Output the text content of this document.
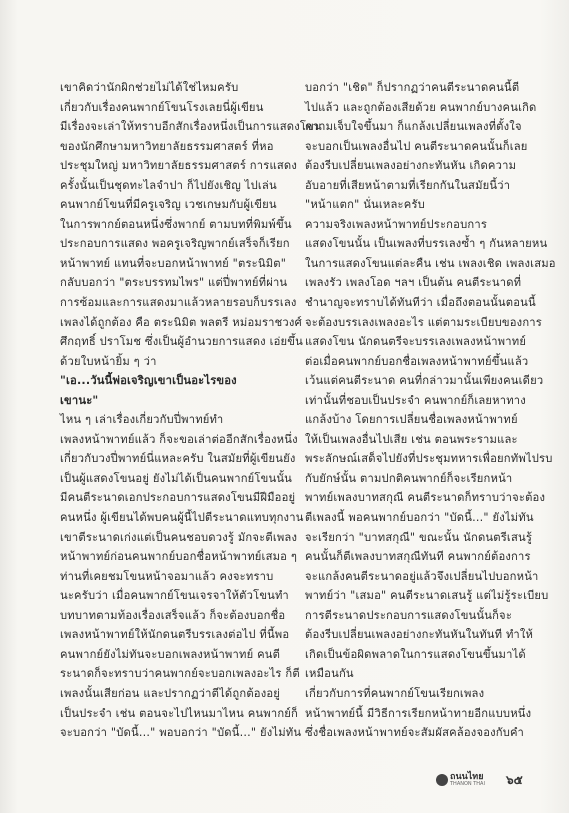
เขาคิดว่านักผิกช่วยไม่ได้ใช่ไหมครับ
เกี่ยวกับเรื่องคนพากย์โขนโรงเลยนี่ผู้เขียน
มีเรื่องจะเล่าให้ทราบอีกสักเรื่องหนึ่งเป็นการแสดงโขน
ของนักศึกษามหาวิทยาลัยธรรมศาสตร์ ที่หอ
ประชุมใหญ่ มหาวิทยาลัยธรรมศาสตร์ การแสดง
ครั้งนั้นเป็นชุดทะไลจำปา ก็ไปยังเชิญ ไปเล่น
คนพากย์โขนที่มีครูเจริญ เวชเกษมกับผู้เขียน
ในการพากย์ตอนหนึ่งซึ่งพากย์ ตามบทที่พิมพ์ขึ้น
ประกอบการแสดง พอครูเจริญพากย์เสร็จก็เรียก
หน้าพาทย์ แทนที่จะบอกหน้าพาทย์ "ตระนิมิต"
กลับบอกว่า "ตระบรรทมไพร" แต่ปี่พาทย์ที่ผ่าน
การซ้อมและการแสดงมาแล้วหลายรอบก็บรรเลง
เพลงได้ถูกต้อง คือ ตระนิมิต พลตรี หม่อมราชวงศ์
ศึกฤทธิ์ ปราโมช ซึ่งเป็นผู้อำนวยการแสดง เอ่ยขึ้น
ด้วยใบหน้ายิ้ม ๆ ว่า
"เอ...วันนี้พ่อเจริญเขาเป็นอะไรของ
เขานะ"
ไหน ๆ เล่าเรื่องเกี่ยวกับปี่พาทย์ทำ
เพลงหน้าพาทย์แล้ว ก็จะขอเล่าต่ออีกสักเรื่องหนึ่ง
เกี่ยวกับวงปี่พาทย์นี่แหละครับ ในสมัยที่ผู้เขียนยัง
เป็นผู้แสดงโขนอยู่ ยังไม่ได้เป็นคนพากย์โขนนั้น
มีคนตีระนาดเอกประกอบการแสดงโขนมีฝีมืออยู่
คนหนึ่ง ผู้เขียนได้พบคนผู้นี้ไปตีระนาดแทบทุกงาน
เขาตีระนาดเก่งแต่เป็นคนชอบดวงรู้ มักจะตีเพลง
หน้าพาทย์ก่อนคนพากย์บอกชื่อหน้าพาทย์เสมอ ๆ
ท่านที่เคยชมโขนหน้าจอมาแล้ว คงจะทราบ
นะครับว่า เมื่อคนพากย์โขนเจรจาให้ตัวโขนทำ
บทบาทตามท้องเรื่องเสร็จแล้ว ก็จะต้องบอกชื่อ
เพลงหน้าพาทย์ให้นักดนตรีบรรเลงต่อไป ที่นี้พอ
คนพากย์ยังไม่ทันจะบอกเพลงหน้าพาทย์ คนตี
ระนาดก็จะทราบว่าคนพากย์จะบอกเพลงอะไร ก็ตี
เพลงนั้นเสียก่อน และปรากฏว่าตีได้ถูกต้องอยู่
เป็นประจำ เช่น ตอนจะไปไหนมาไหน คนพากย์ก็
จะบอกว่า "บัดนี้..." พอบอกว่า "บัดนี้..." ยังไม่ทัน
บอกว่า "เชิด" ก็ปรากฏว่าคนตีระนาดคนนี้ตี
ไปแล้ว และถูกต้องเสียด้วย คนพากย์บางคนเกิด
ความเจ็บใจขึ้นมา ก็แกล้งเปลี่ยนเพลงที่ตั้งใจ
จะบอกเป็นเพลงอื่นไป คนตีระนาดคนนั้นก็เลย
ต้องรีบเปลี่ยนเพลงอย่างกะทันหัน เกิดความ
อับอายที่เสียหน้าตามที่เรียกกันในสมัยนี้ว่า
"หน้าแตก" นั่นเหละครับ
ความจริงเพลงหน้าพาทย์ประกอบการ
แสดงโขนนั้น เป็นเพลงที่บรรเลงซ้ำ ๆ กันหลายหน
ในการแสดงโขนแต่ละคืน เช่น เพลงเชิด เพลงเสมอ
เพลงรัว เพลงโอด ฯลฯ เป็นต้น คนตีระนาดที่
ชำนาญจะทราบได้ทันทีว่า เมื่อถึงตอนนั้นตอนนี้
จะต้องบรรเลงเพลงอะไร แต่ตามระเบียบของการ
แสดงโขน นักดนตรีจะบรรเลงเพลงหน้าพาทย์
ต่อเมื่อคนพากย์บอกชื่อเพลงหน้าพาทย์ขึ้นแล้ว
เว้นแต่คนตีระนาด คนที่กล่าวมานั้นเพียงคนเดียว
เท่านั้นที่ชอบเป็นประจำ คนพากย์ก็เลยหาทาง
แกล้งบ้าง โดยการเปลี่ยนชื่อเพลงหน้าพาทย์
ให้เป็นเพลงอื่นไปเสีย เช่น ตอนพระรามและ
พระลักษณ์เสด็จไปยังที่ประชุมทหารเพื่อยกทัพไปรบ
กับยักษ์นั้น ตามปกติคนพากย์ก็จะเรียกหน้า
พาทย์เพลงบาทสกุณี คนตีระนาดก็ทราบว่าจะต้อง
ตีเพลงนี้ พอคนพากย์บอกว่า "บัดนี้..." ยังไม่ทัน
จะเรียกว่า "บาทสกุณี" ขณะนั้น นักดนตรีเสนรู้
คนนั้นก็ตีเพลงบาทสกุณีทันที คนพากย์ต้องการ
จะแกล้งคนตีระนาดอยู่แล้วจึงเปลี่ยนไปบอกหน้า
พาทย์ว่า "เสมอ" คนตีระนาดเสนรู้ แต่ไม่รู้ระเบียบ
การตีระนาดประกอบการแสดงโขนนั้นก็จะ
ต้องรีบเปลี่ยนเพลงอย่างกะทันหันในทันที ทำให้
เกิดเป็นข้อผิดพลาดในการแสดงโขนขึ้นมาได้
เหมือนกัน
เกี่ยวกับการที่คนพากย์โขนเรียกเพลง
หน้าพาทย์นี้ มีวิธีการเรียกหน้าทายอีกแบบหนึ่ง
ซึ่งชื่อเพลงหน้าพาทย์จะสัมผัสคล้องจองกับคำ
ถนนไทย
THANON THAI ๖๕
